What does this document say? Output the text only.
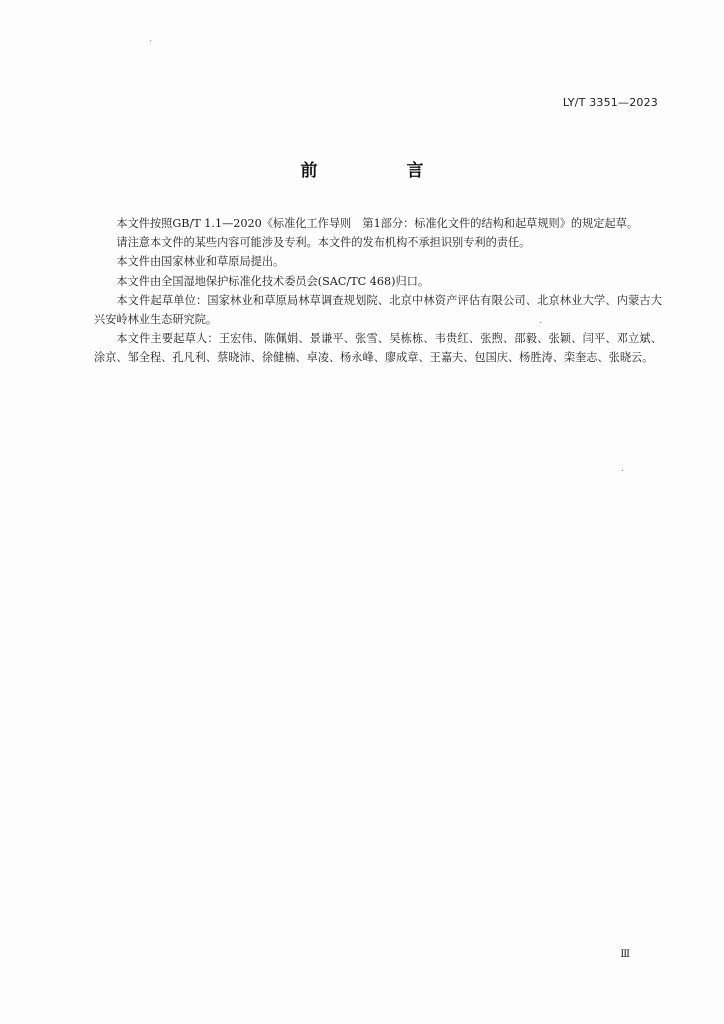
LY/T 3351—2023
前　言

本文件按照GB/T 1.1—2020《标准化工作导则　第1部分：标准化文件的结构和起草规则》的规定起草。

请注意本文件的某些内容可能涉及专利。本文件的发布机构不承担识别专利的责任。

本文件由国家林业和草原局提出。

本文件由全国湿地保护标准化技术委员会(SAC/TC 468)归口。

本文件起草单位：国家林业和草原局林草调查规划院、北京中林资产评估有限公司、北京林业大学、内蒙古大兴安岭林业生态研究院。

本文件主要起草人：王宏伟、陈佩娟、景谦平、张雪、吴栋栋、韦贵红、张煦、邵毅、张颖、闫平、邓立斌、涂京、邹全程、孔凡利、蔡晓沛、徐健楠、卓凌、杨永峰、廖成章、王嘉夫、包国庆、杨胜涛、栾奎志、张晓云。

Ⅲ
